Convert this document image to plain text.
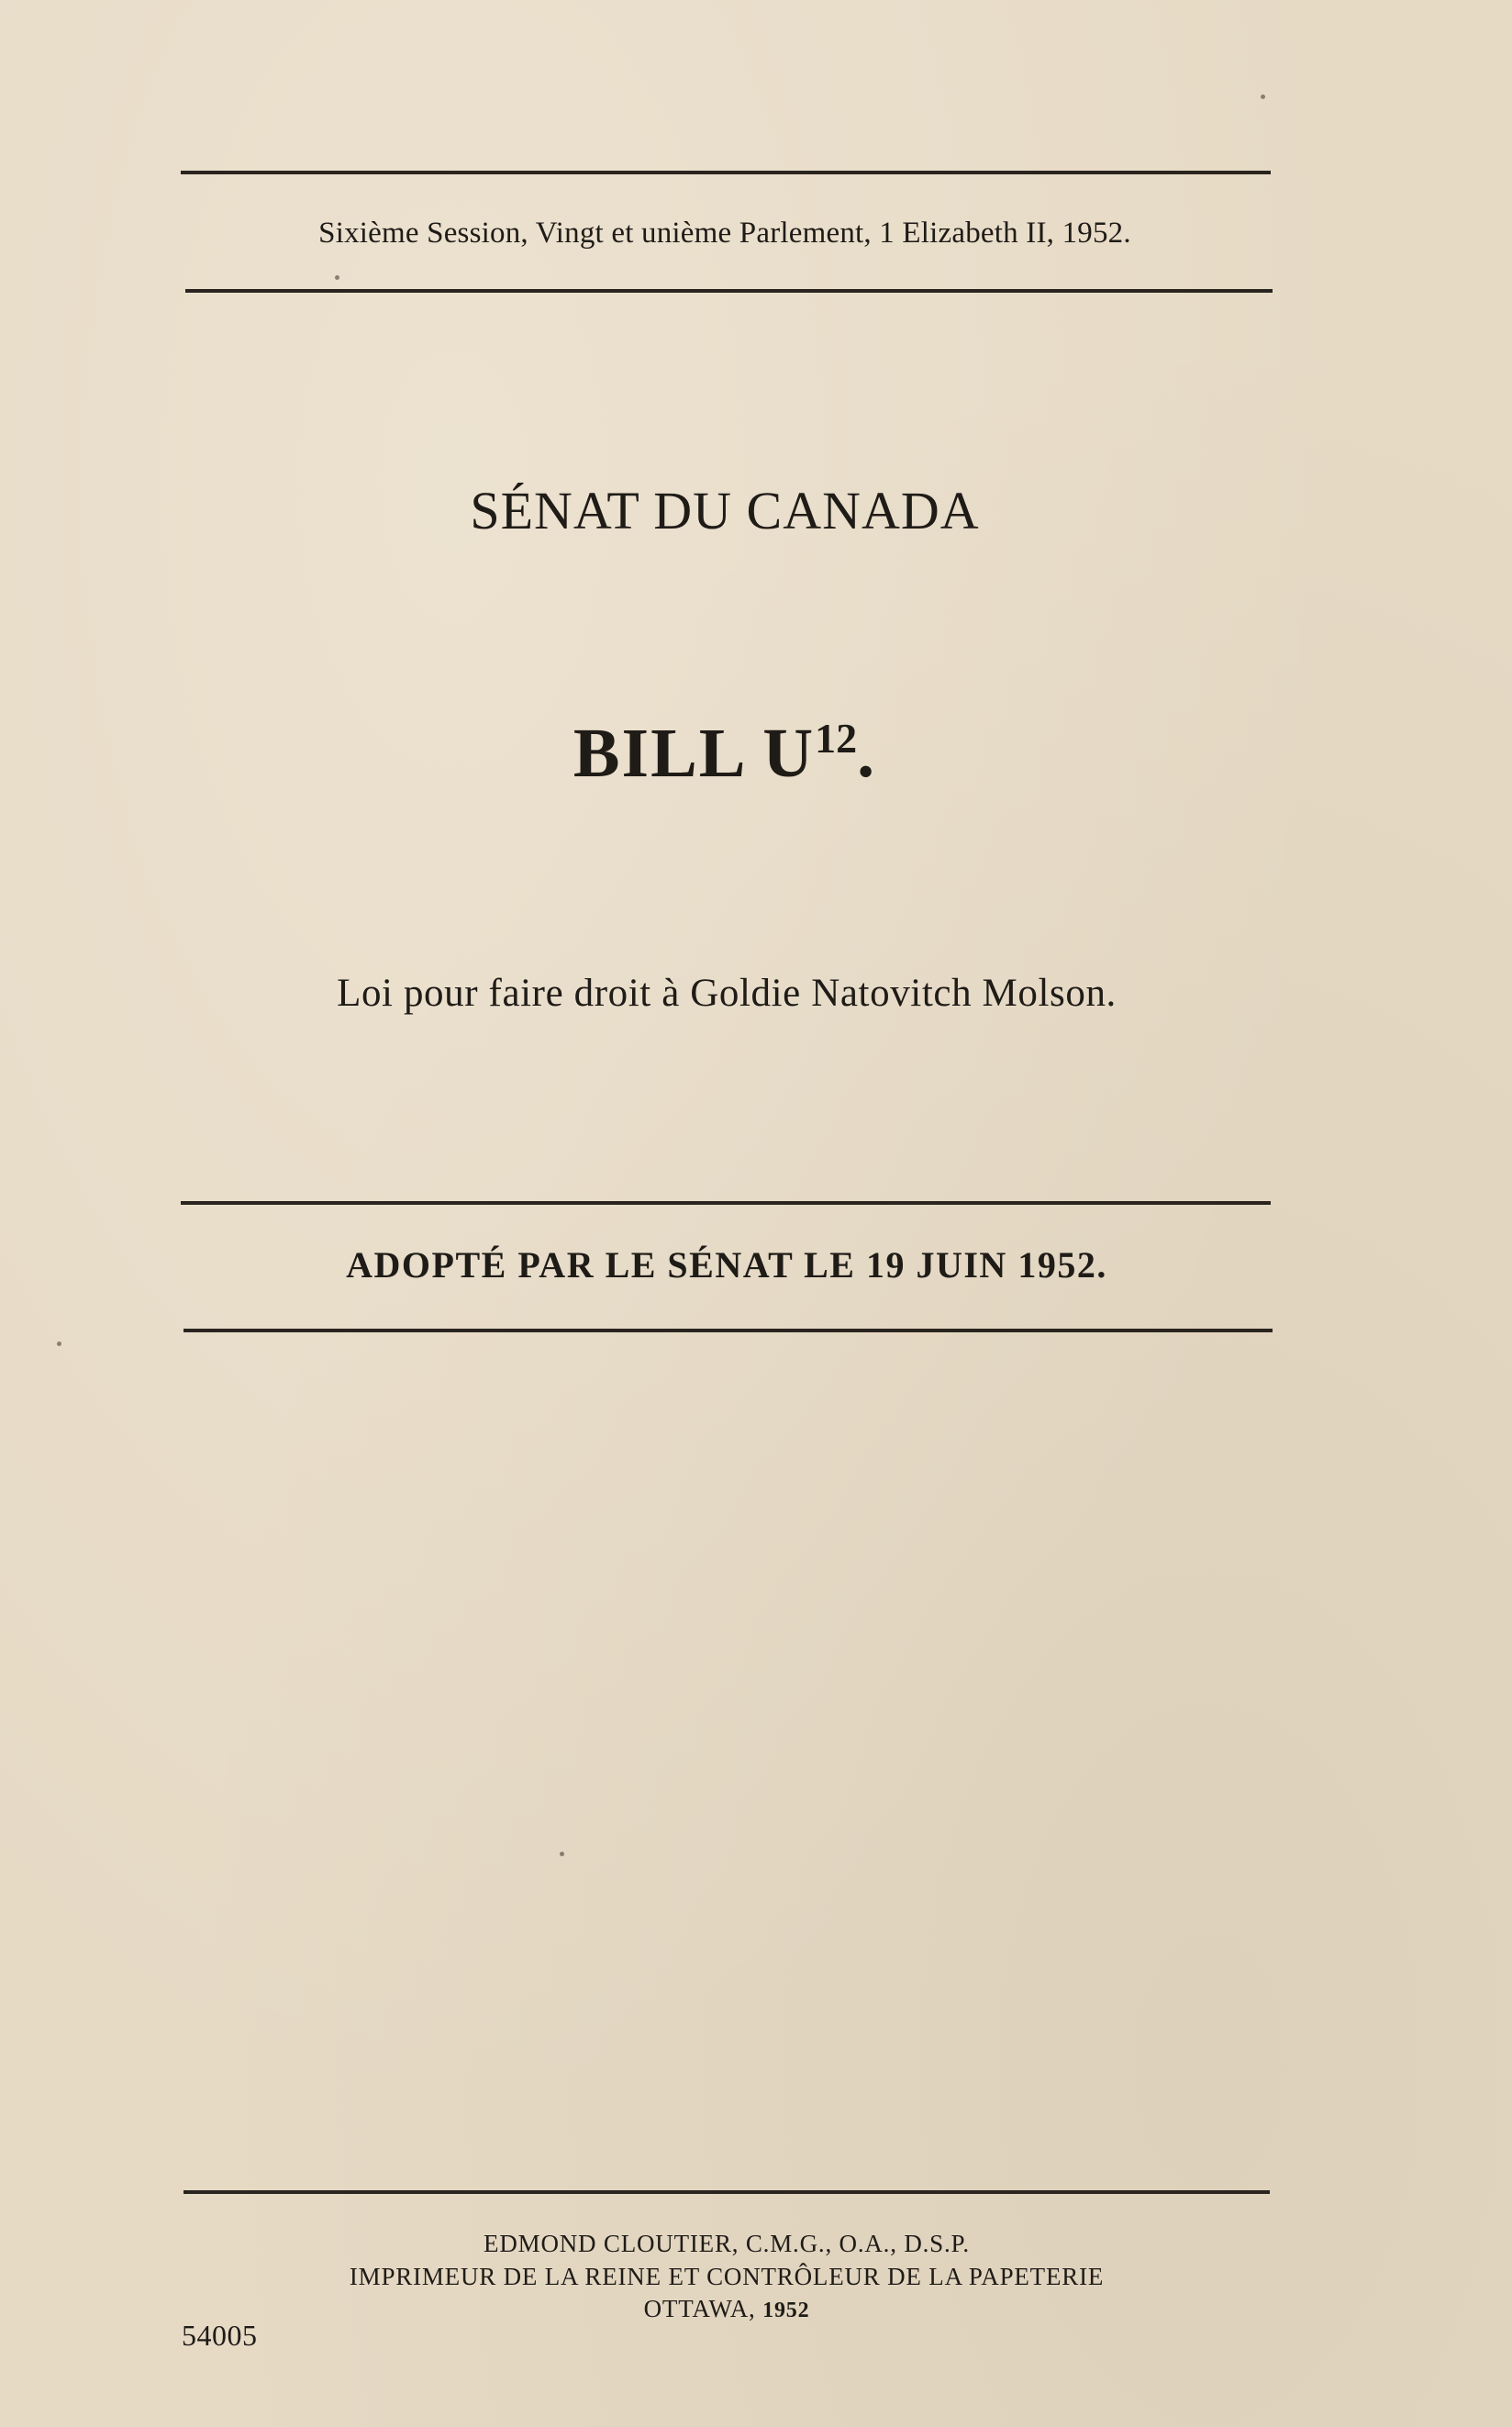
Sixième Session, Vingt et unième Parlement, 1 Elizabeth II, 1952.
SÉNAT DU CANADA
BILL $U^{12}$.
Loi pour faire droit à Goldie Natovitch Molson.
ADOPTÉ PAR LE SÉNAT LE 19 JUIN 1952.
EDMOND CLOUTIER, C.M.G., O.A., D.S.P.
IMPRIMEUR DE LA REINE ET CONTRÔLEUR DE LA PAPETERIE
OTTAWA, 1952
54005
